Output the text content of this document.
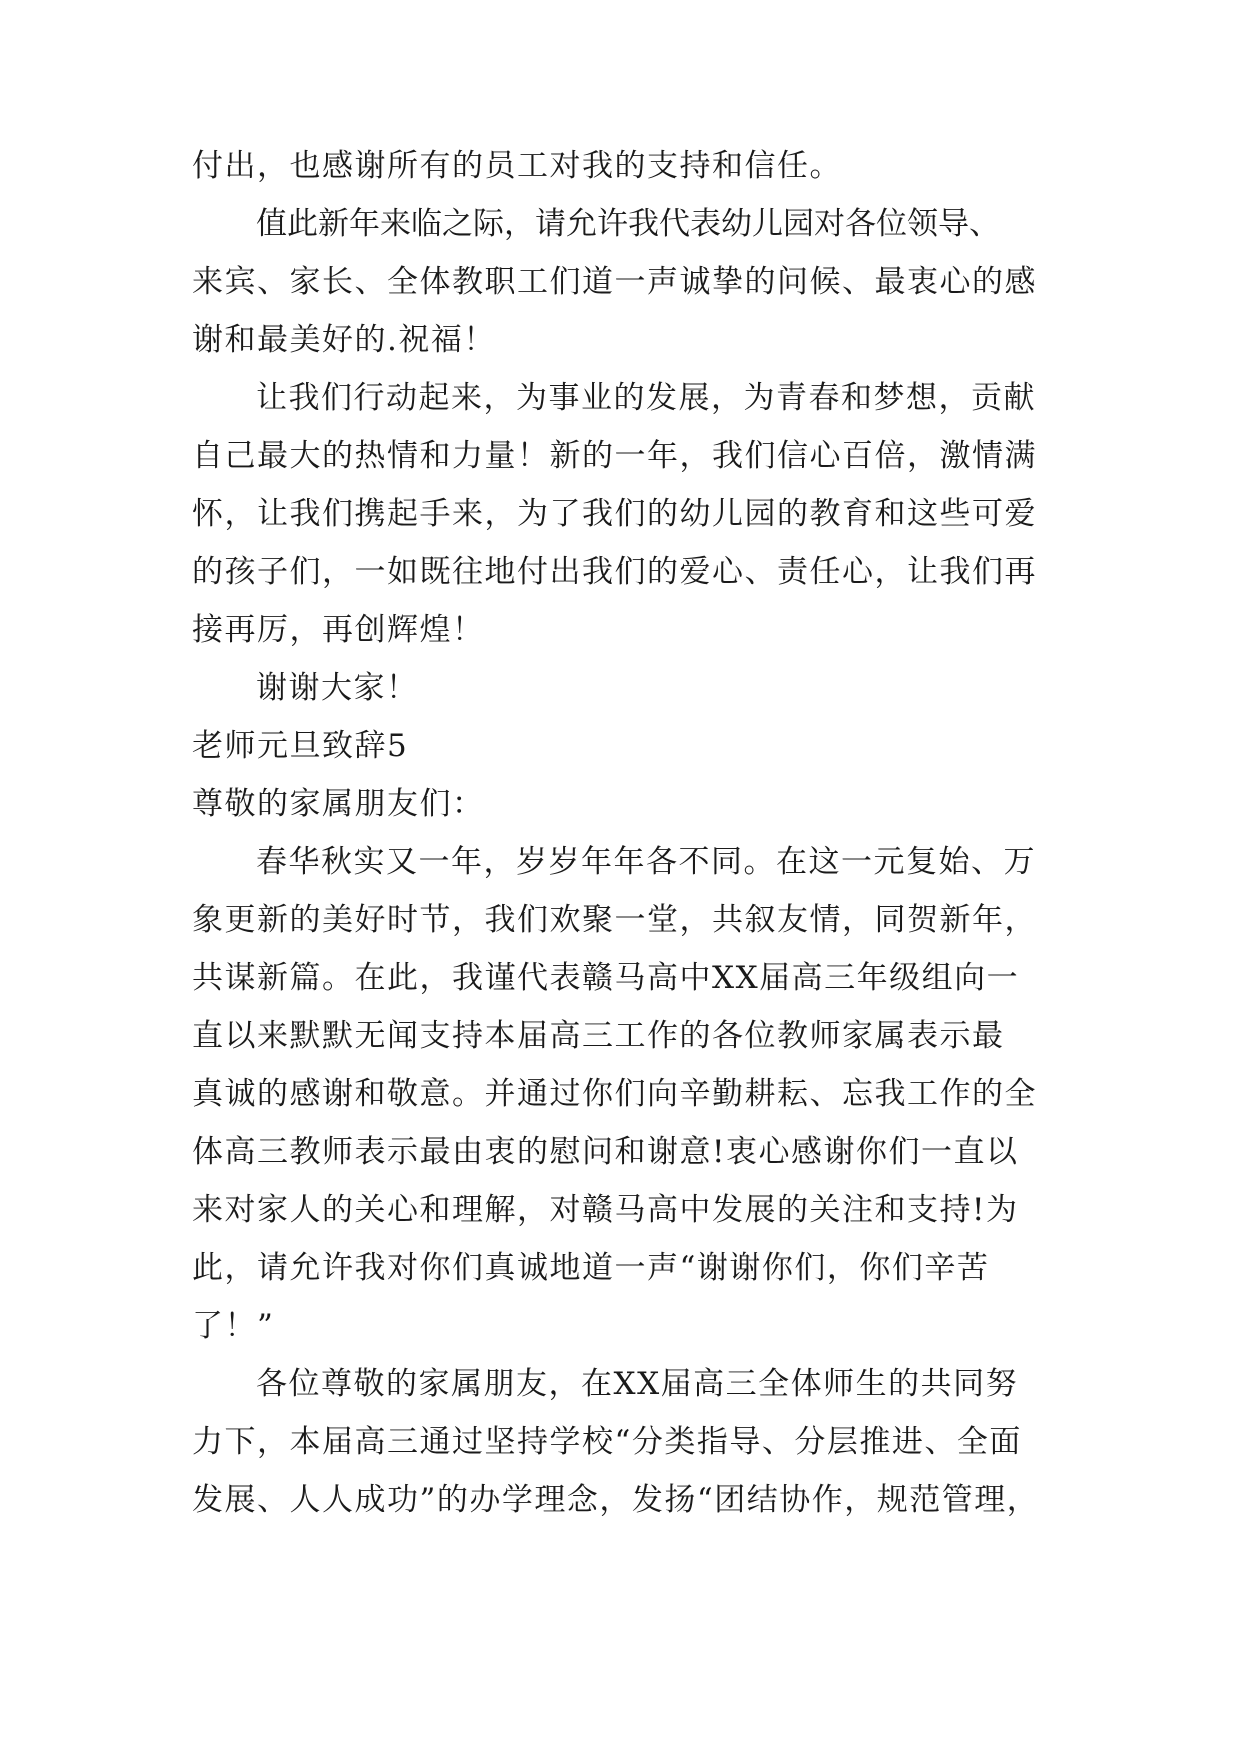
付出，也感谢所有的员工对我的支持和信任。
值此新年来临之际，请允许我代表幼儿园对各位领导、
来宾、家长、全体教职工们道一声诚挚的问候、最衷心的感
谢和最美好的.祝福！
让我们行动起来，为事业的发展，为青春和梦想，贡献
自己最大的热情和力量！新的一年，我们信心百倍，激情满
怀，让我们携起手来，为了我们的幼儿园的教育和这些可爱
的孩子们，一如既往地付出我们的爱心、责任心，让我们再
接再厉，再创辉煌！
谢谢大家！
老师元旦致辞5
尊敬的家属朋友们：
春华秋实又一年，岁岁年年各不同。在这一元复始、万
象更新的美好时节，我们欢聚一堂，共叙友情，同贺新年，
共谋新篇。在此，我谨代表赣马高中XX届高三年级组向一
直以来默默无闻支持本届高三工作的各位教师家属表示最
真诚的感谢和敬意。并通过你们向辛勤耕耘、忘我工作的全
体高三教师表示最由衷的慰问和谢意!衷心感谢你们一直以
来对家人的关心和理解，对赣马高中发展的关注和支持!为
此，请允许我对你们真诚地道一声“谢谢你们，你们辛苦
了！”
各位尊敬的家属朋友，在XX届高三全体师生的共同努
力下，本届高三通过坚持学校“分类指导、分层推进、全面
发展、人人成功”的办学理念，发扬“团结协作，规范管理，
